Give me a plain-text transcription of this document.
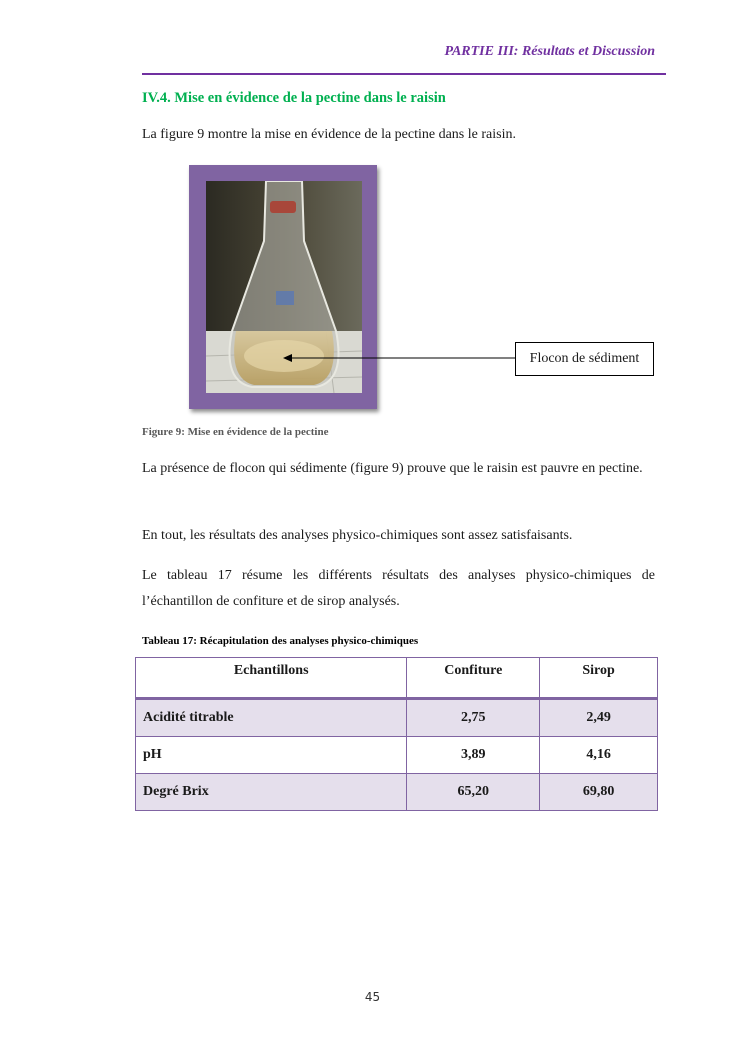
PARTIE III: Résultats et Discussion
IV.4. Mise en évidence de la pectine dans le raisin
La figure 9 montre la mise en évidence de la pectine dans le raisin.
Flocon de sédiment
Figure 9: Mise en évidence de la pectine
La présence de flocon qui sédimente (figure 9) prouve que le raisin est pauvre en pectine.
En tout, les résultats des analyses physico-chimiques sont assez satisfaisants.
Le tableau 17 résume les différents résultats des analyses physico-chimiques de l’échantillon de confiture et de sirop analysés.
Tableau 17: Récapitulation des analyses physico-chimiques
Echantillons	Confiture	Sirop
Acidité titrable	2,75	2,49
pH	3,89	4,16
Degré Brix	65,20	69,80
45
